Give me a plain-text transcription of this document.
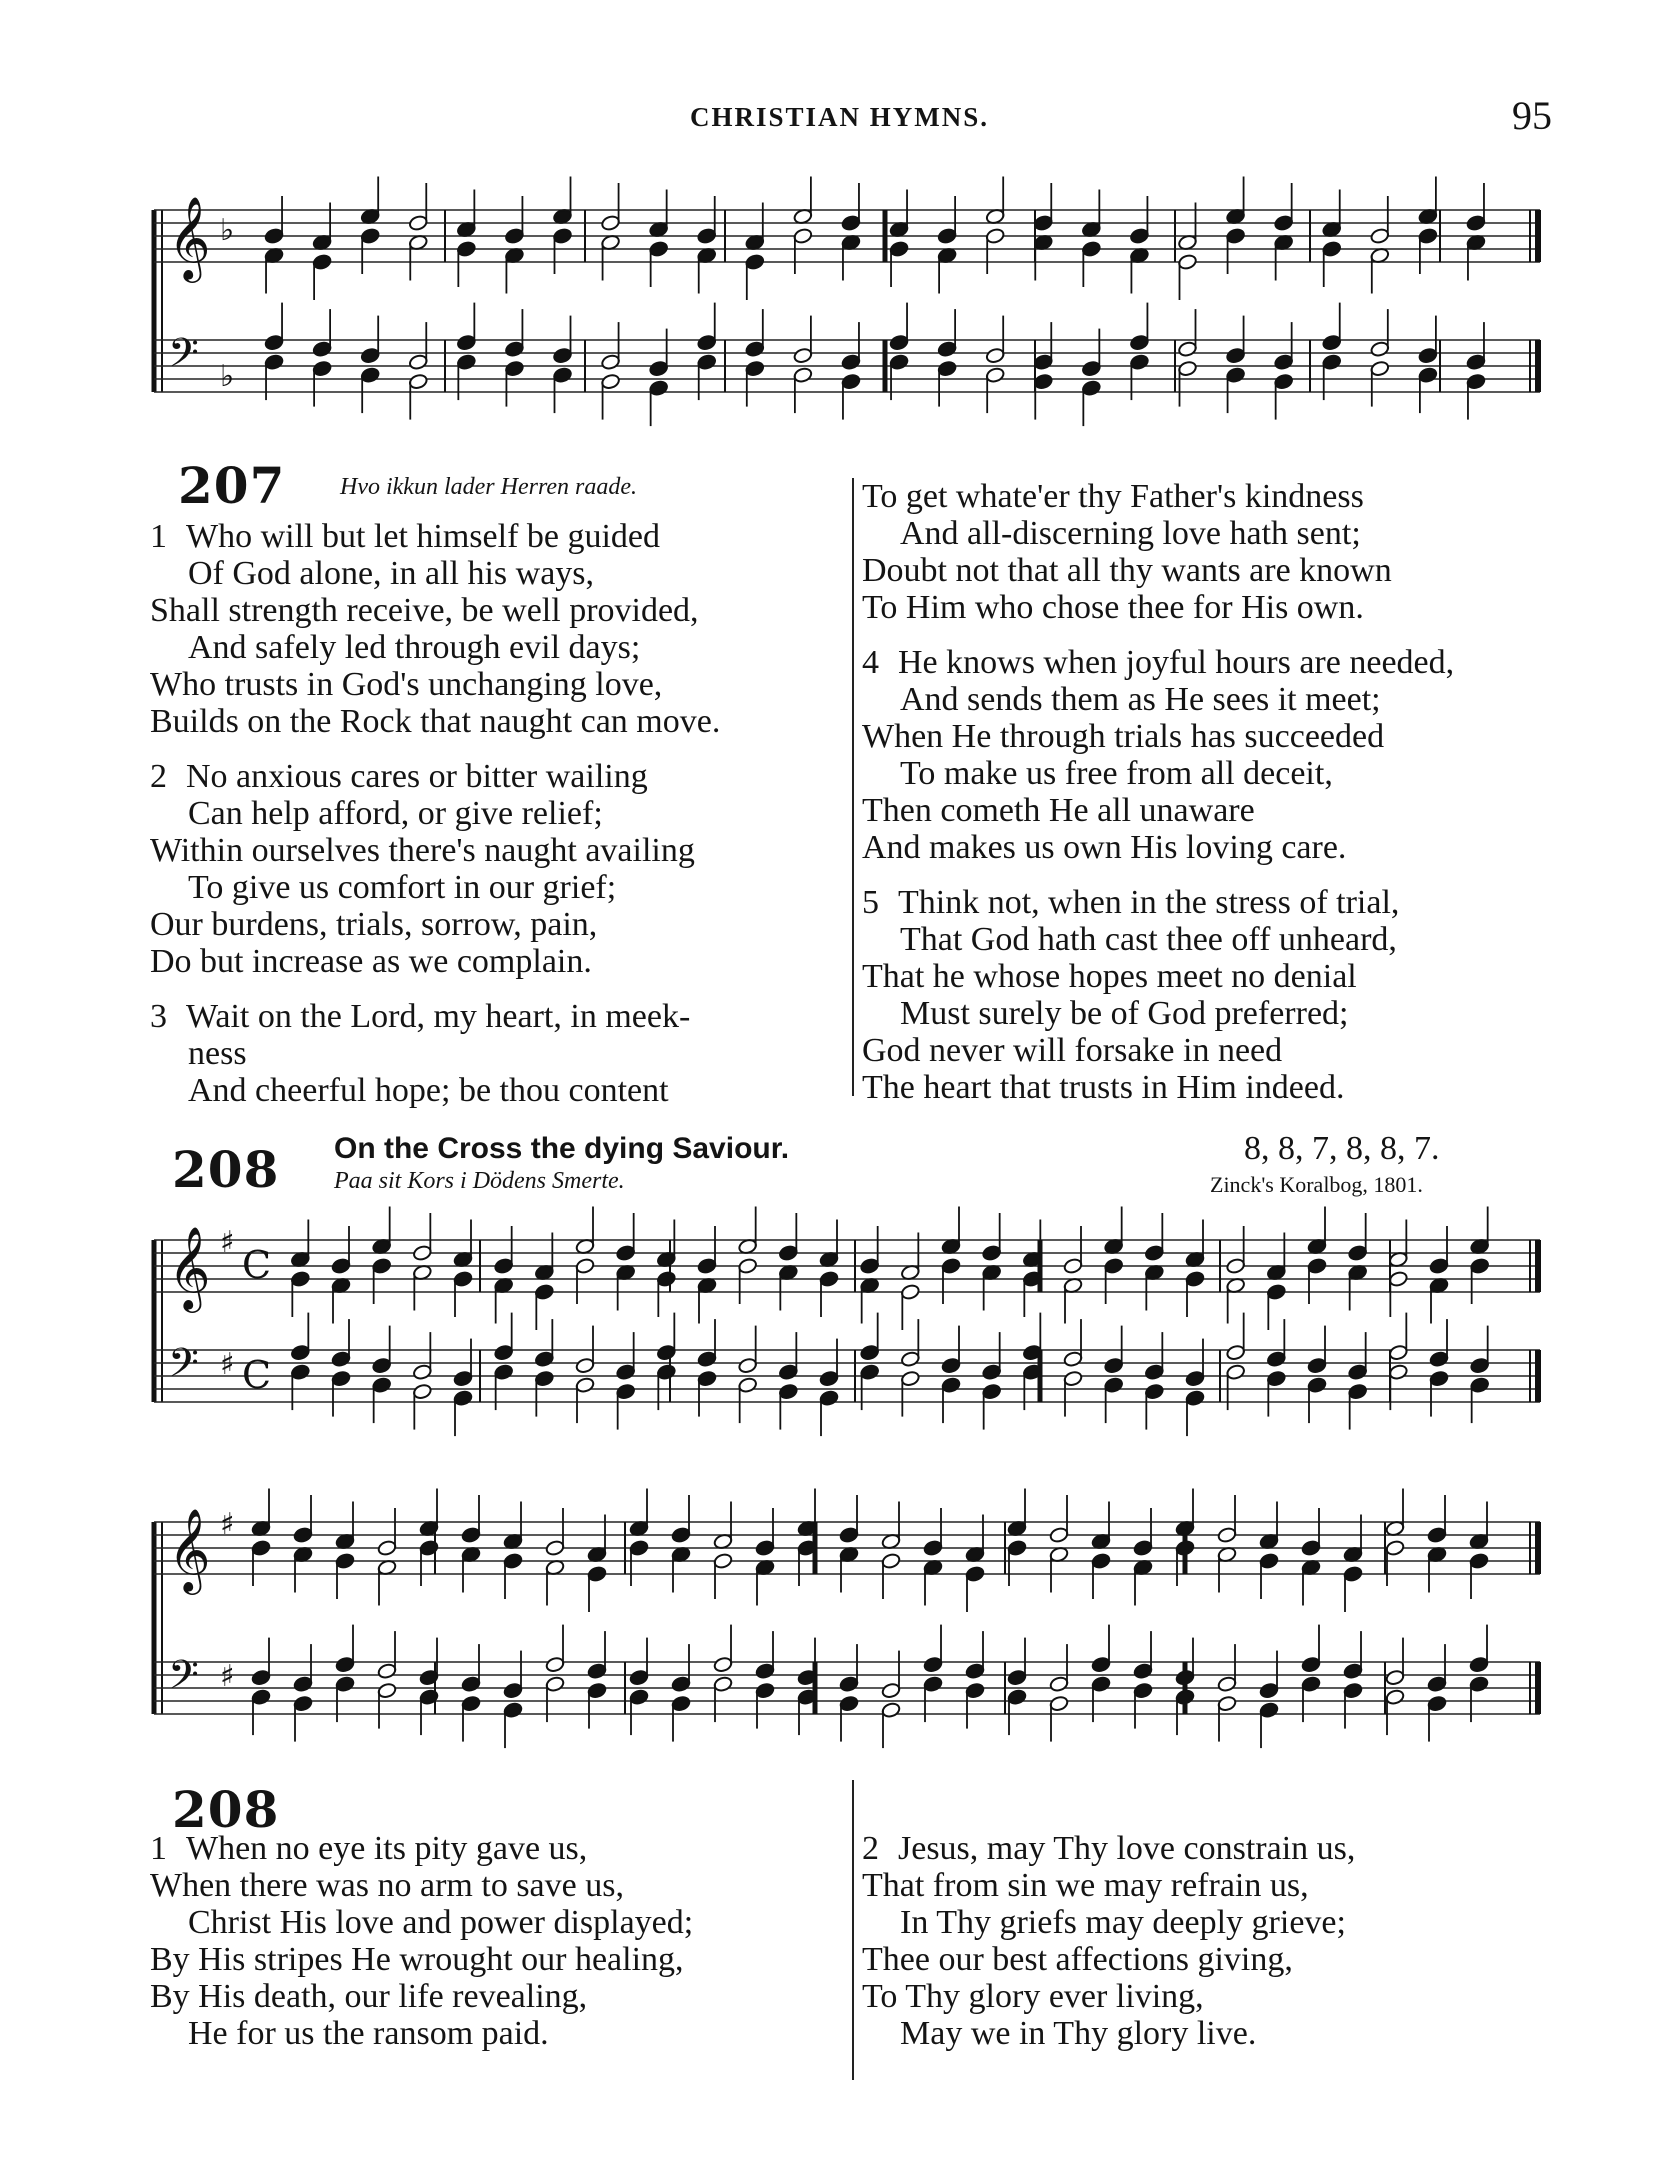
CHRISTIAN HYMNS.	95
𝄞 ♭
𝄢 ♭
207 Hvo ikkun lader Herren raade.
1 Who will but let himself be guided
Of God alone, in all his ways,
Shall strength receive, be well provided,
And safely led through evil days;
Who trusts in God's unchanging love,
Builds on the Rock that naught can move.
2 No anxious cares or bitter wailing
Can help afford, or give relief;
Within ourselves there's naught availing
To give us comfort in our grief;
Our burdens, trials, sorrow, pain,
Do but increase as we complain.
3 Wait on the Lord, my heart, in meek-
ness
And cheerful hope; be thou content
To get whate'er thy Father's kindness
And all-discerning love hath sent;
Doubt not that all thy wants are known
To Him who chose thee for His own.
4 He knows when joyful hours are needed,
And sends them as He sees it meet;
When He through trials has succeeded
To make us free from all deceit,
Then cometh He all unaware
And makes us own His loving care.
5 Think not, when in the stress of trial,
That God hath cast thee off unheard,
That he whose hopes meet no denial
Must surely be of God preferred;
God never will forsake in need
The heart that trusts in Him indeed.
208 On the Cross the dying Saviour.
Paa sit Kors i Dödens Smerte.
8, 8, 7, 8, 8, 7.
Zinck's Koralbog, 1801.
𝄞 ♯
C
𝄢 ♯ C
𝄞 ♯
𝄢 ♯
208
1 When no eye its pity gave us,
When there was no arm to save us,
Christ His love and power displayed;
By His stripes He wrought our healing,
By His death, our life revealing,
He for us the ransom paid.
2 Jesus, may Thy love constrain us,
That from sin we may refrain us,
In Thy griefs may deeply grieve;
Thee our best affections giving,
To Thy glory ever living,
May we in Thy glory live.
